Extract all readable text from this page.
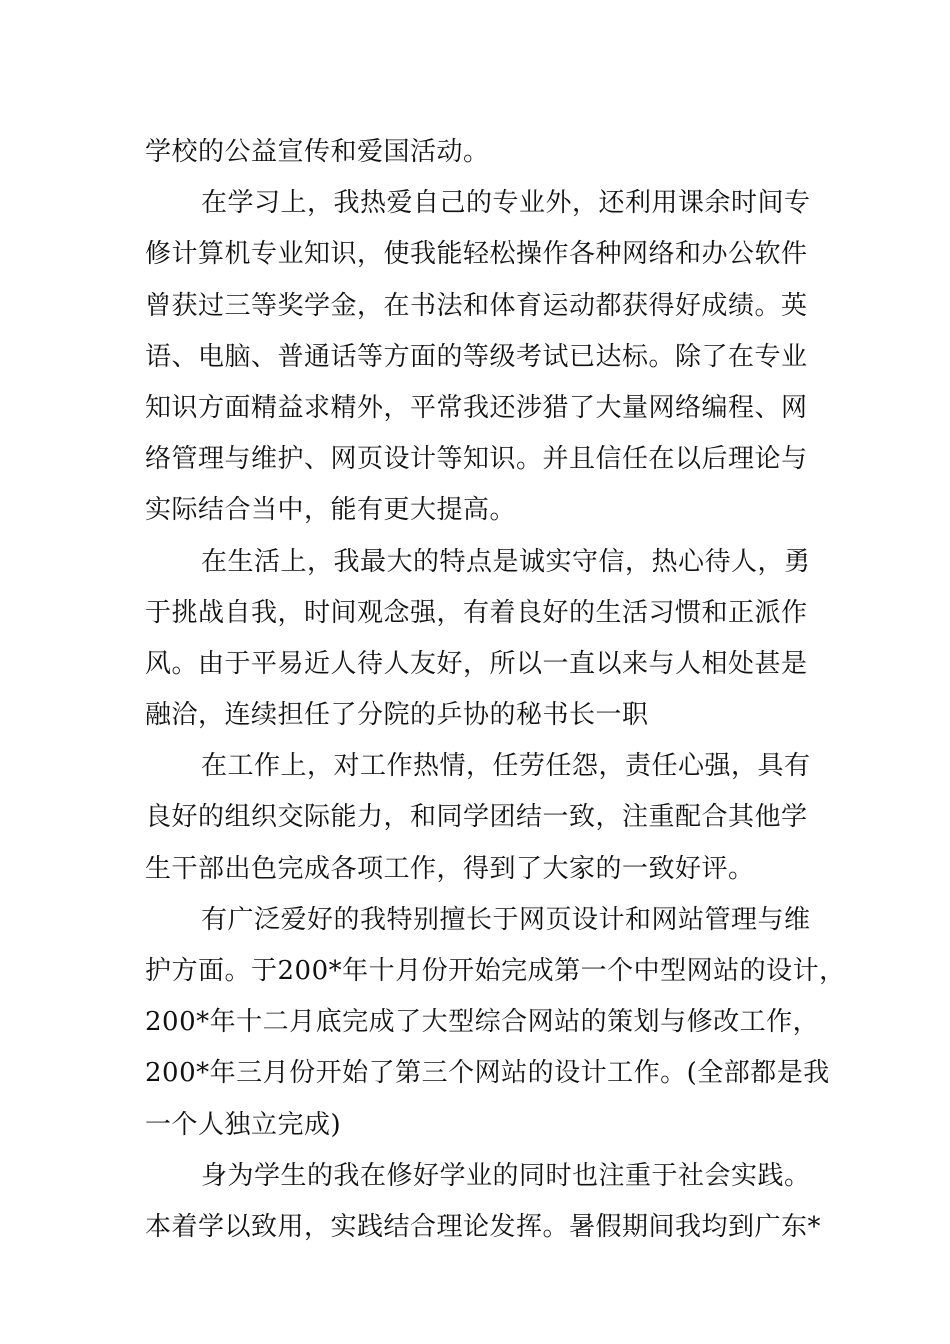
学校的公益宣传和爱国活动。
在学习上，我热爱自己的专业外，还利用课余时间专
修计算机专业知识，使我能轻松操作各种网络和办公软件
曾获过三等奖学金，在书法和体育运动都获得好成绩。英
语、电脑、普通话等方面的等级考试已达标。除了在专业
知识方面精益求精外，平常我还涉猎了大量网络编程、网
络管理与维护、网页设计等知识。并且信任在以后理论与
实际结合当中，能有更大提高。
在生活上，我最大的特点是诚实守信，热心待人，勇
于挑战自我，时间观念强，有着良好的生活习惯和正派作
风。由于平易近人待人友好，所以一直以来与人相处甚是
融洽，连续担任了分院的乒协的秘书长一职
在工作上，对工作热情，任劳任怨，责任心强，具有
良好的组织交际能力，和同学团结一致，注重配合其他学
生干部出色完成各项工作，得到了大家的一致好评。
有广泛爱好的我特别擅长于网页设计和网站管理与维
护方面。于200*年十月份开始完成第一个中型网站的设计，
200*年十二月底完成了大型综合网站的策划与修改工作，
200*年三月份开始了第三个网站的设计工作。(全部都是我
一个人独立完成)
身为学生的我在修好学业的同时也注重于社会实践。
本着学以致用，实践结合理论发挥。暑假期间我均到广东*
